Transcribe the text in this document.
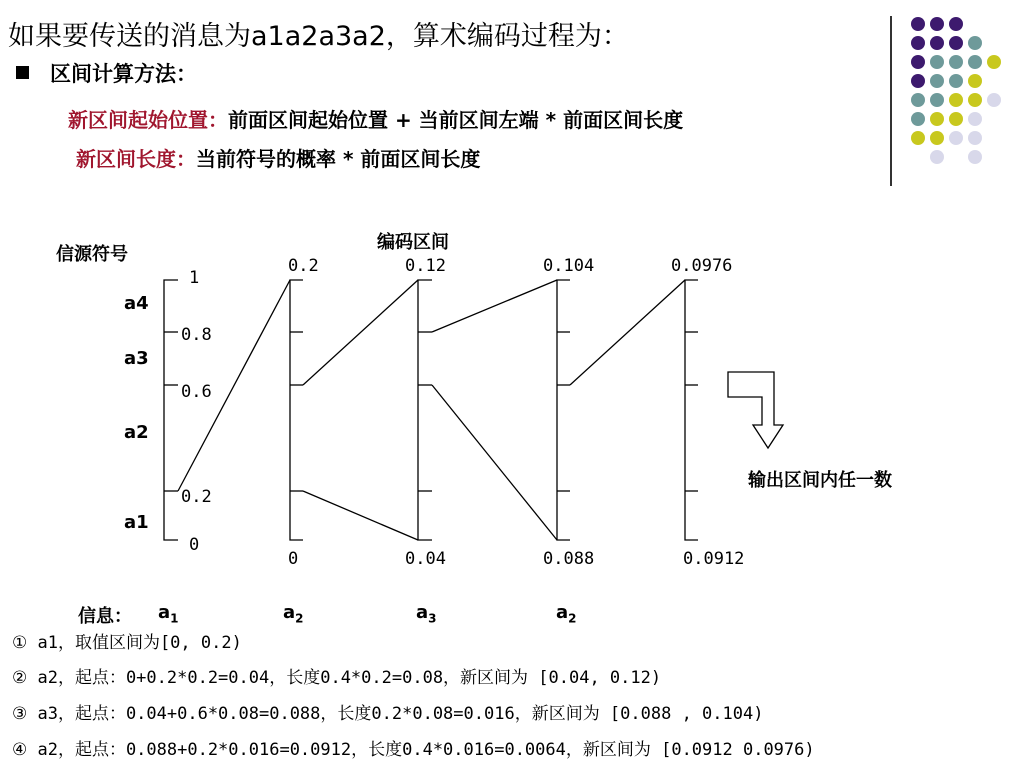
如果要传送的消息为a1a2a3a2，算术编码过程为：
区间计算方法：
新区间起始位置：前面区间起始位置 + 当前区间左端 * 前面区间长度
新区间长度：当前符号的概率 * 前面区间长度
信源符号
编码区间
输出区间内任一数
a4
a3
a2
a1
1
0.8
0.6
0.2
0
0.2	0.12	0.104	0.0976
0	0.04	0.088	0.0912
信息： $a_1$	$a_2$	$a_3$	$a_2$
① a1，取值区间为[0, 0.2)
② a2，起点：0+0.2*0.2=0.04，长度0.4*0.2=0.08，新区间为 [0.04, 0.12)
③ a3，起点：0.04+0.6*0.08=0.088，长度0.2*0.08=0.016，新区间为 [0.088 , 0.104)
④ a2，起点：0.088+0.2*0.016=0.0912，长度0.4*0.016=0.0064，新区间为 [0.0912 0.0976)
